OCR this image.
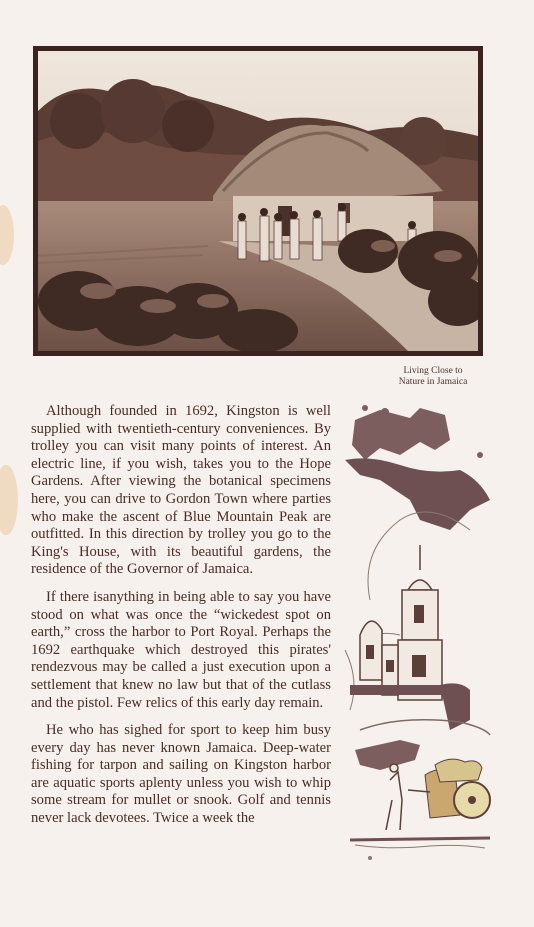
Living Close to
Nature in Jamaica

Although founded in 1692, Kingston is well supplied with twentieth-century conveniences. By trolley you can visit many points of interest. An electric line, if you wish, takes you to the Hope Gardens. After viewing the botanical specimens here, you can drive to Gordon Town where parties who make the ascent of Blue Mountain Peak are outfitted. In this direction by trolley you go to the King's House, with its beautiful gardens, the residence of the Governor of Jamaica.

If there isanything in being able to say you have stood on what was once the “wickedest spot on earth,” cross the harbor to Port Royal. Perhaps the 1692 earthquake which destroyed this pirates' rendezvous may be called a just execution upon a settlement that knew no law but that of the cutlass and the pistol. Few relics of this early day remain.

He who has sighed for sport to keep him busy every day has never known Jamaica. Deep-water fishing for tarpon and sailing on Kingston harbor are aquatic sports aplenty unless you wish to whip some stream for mullet or snook. Golf and tennis never lack devotees. Twice a week the
